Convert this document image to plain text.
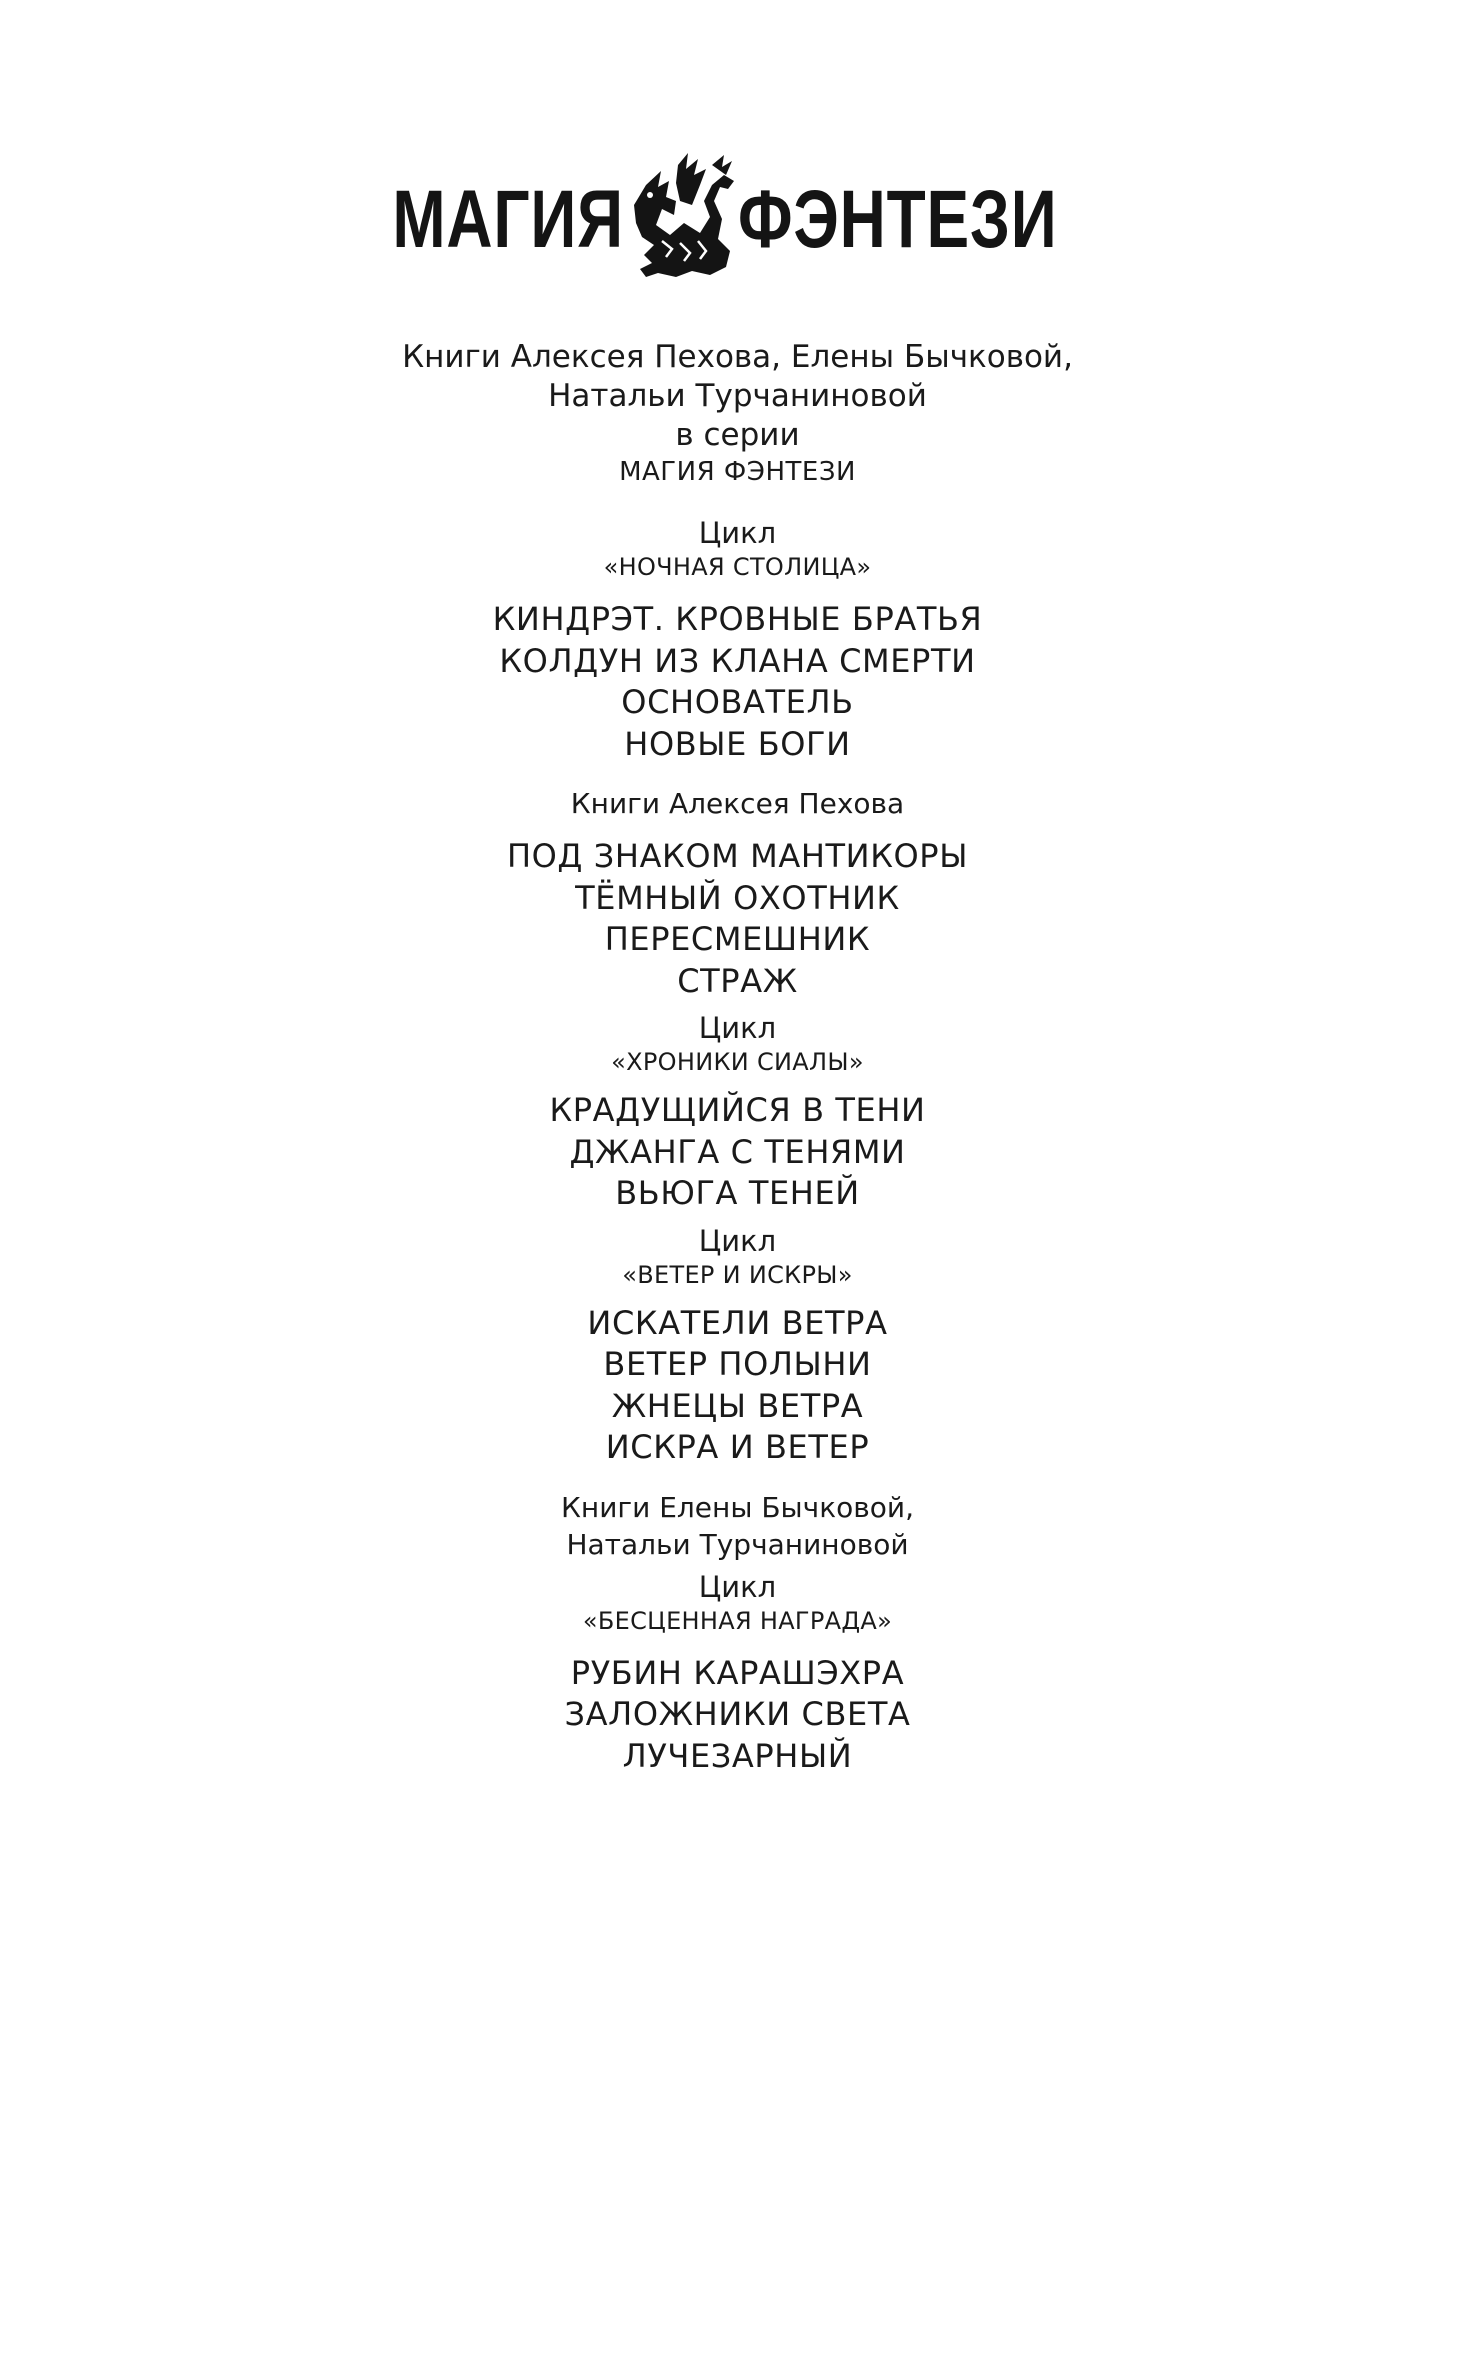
МАГИЯ ФЭНТЕЗИ

Книги Алексея Пехова, Елены Бычковой,

Натальи Турчаниновой

в серии

МАГИЯ ФЭНТЕЗИ

Цикл

«НОЧНАЯ СТОЛИЦА»

КИНДРЭТ. КРОВНЫЕ БРАТЬЯ

КОЛДУН ИЗ КЛАНА СМЕРТИ

ОСНОВАТЕЛЬ

НОВЫЕ БОГИ

Книги Алексея Пехова

ПОД ЗНАКОМ МАНТИКОРЫ

ТЁМНЫЙ ОХОТНИК

ПЕРЕСМЕШНИК

СТРАЖ

Цикл

«ХРОНИКИ СИАЛЫ»

КРАДУЩИЙСЯ В ТЕНИ

ДЖАНГА С ТЕНЯМИ

ВЬЮГА ТЕНЕЙ

Цикл

«ВЕТЕР И ИСКРЫ»

ИСКАТЕЛИ ВЕТРА

ВЕТЕР ПОЛЫНИ

ЖНЕЦЫ ВЕТРА

ИСКРА И ВЕТЕР

Книги Елены Бычковой,

Натальи Турчаниновой

Цикл

«БЕСЦЕННАЯ НАГРАДА»

РУБИН КАРАШЭХРА

ЗАЛОЖНИКИ СВЕТА

ЛУЧЕЗАРНЫЙ
